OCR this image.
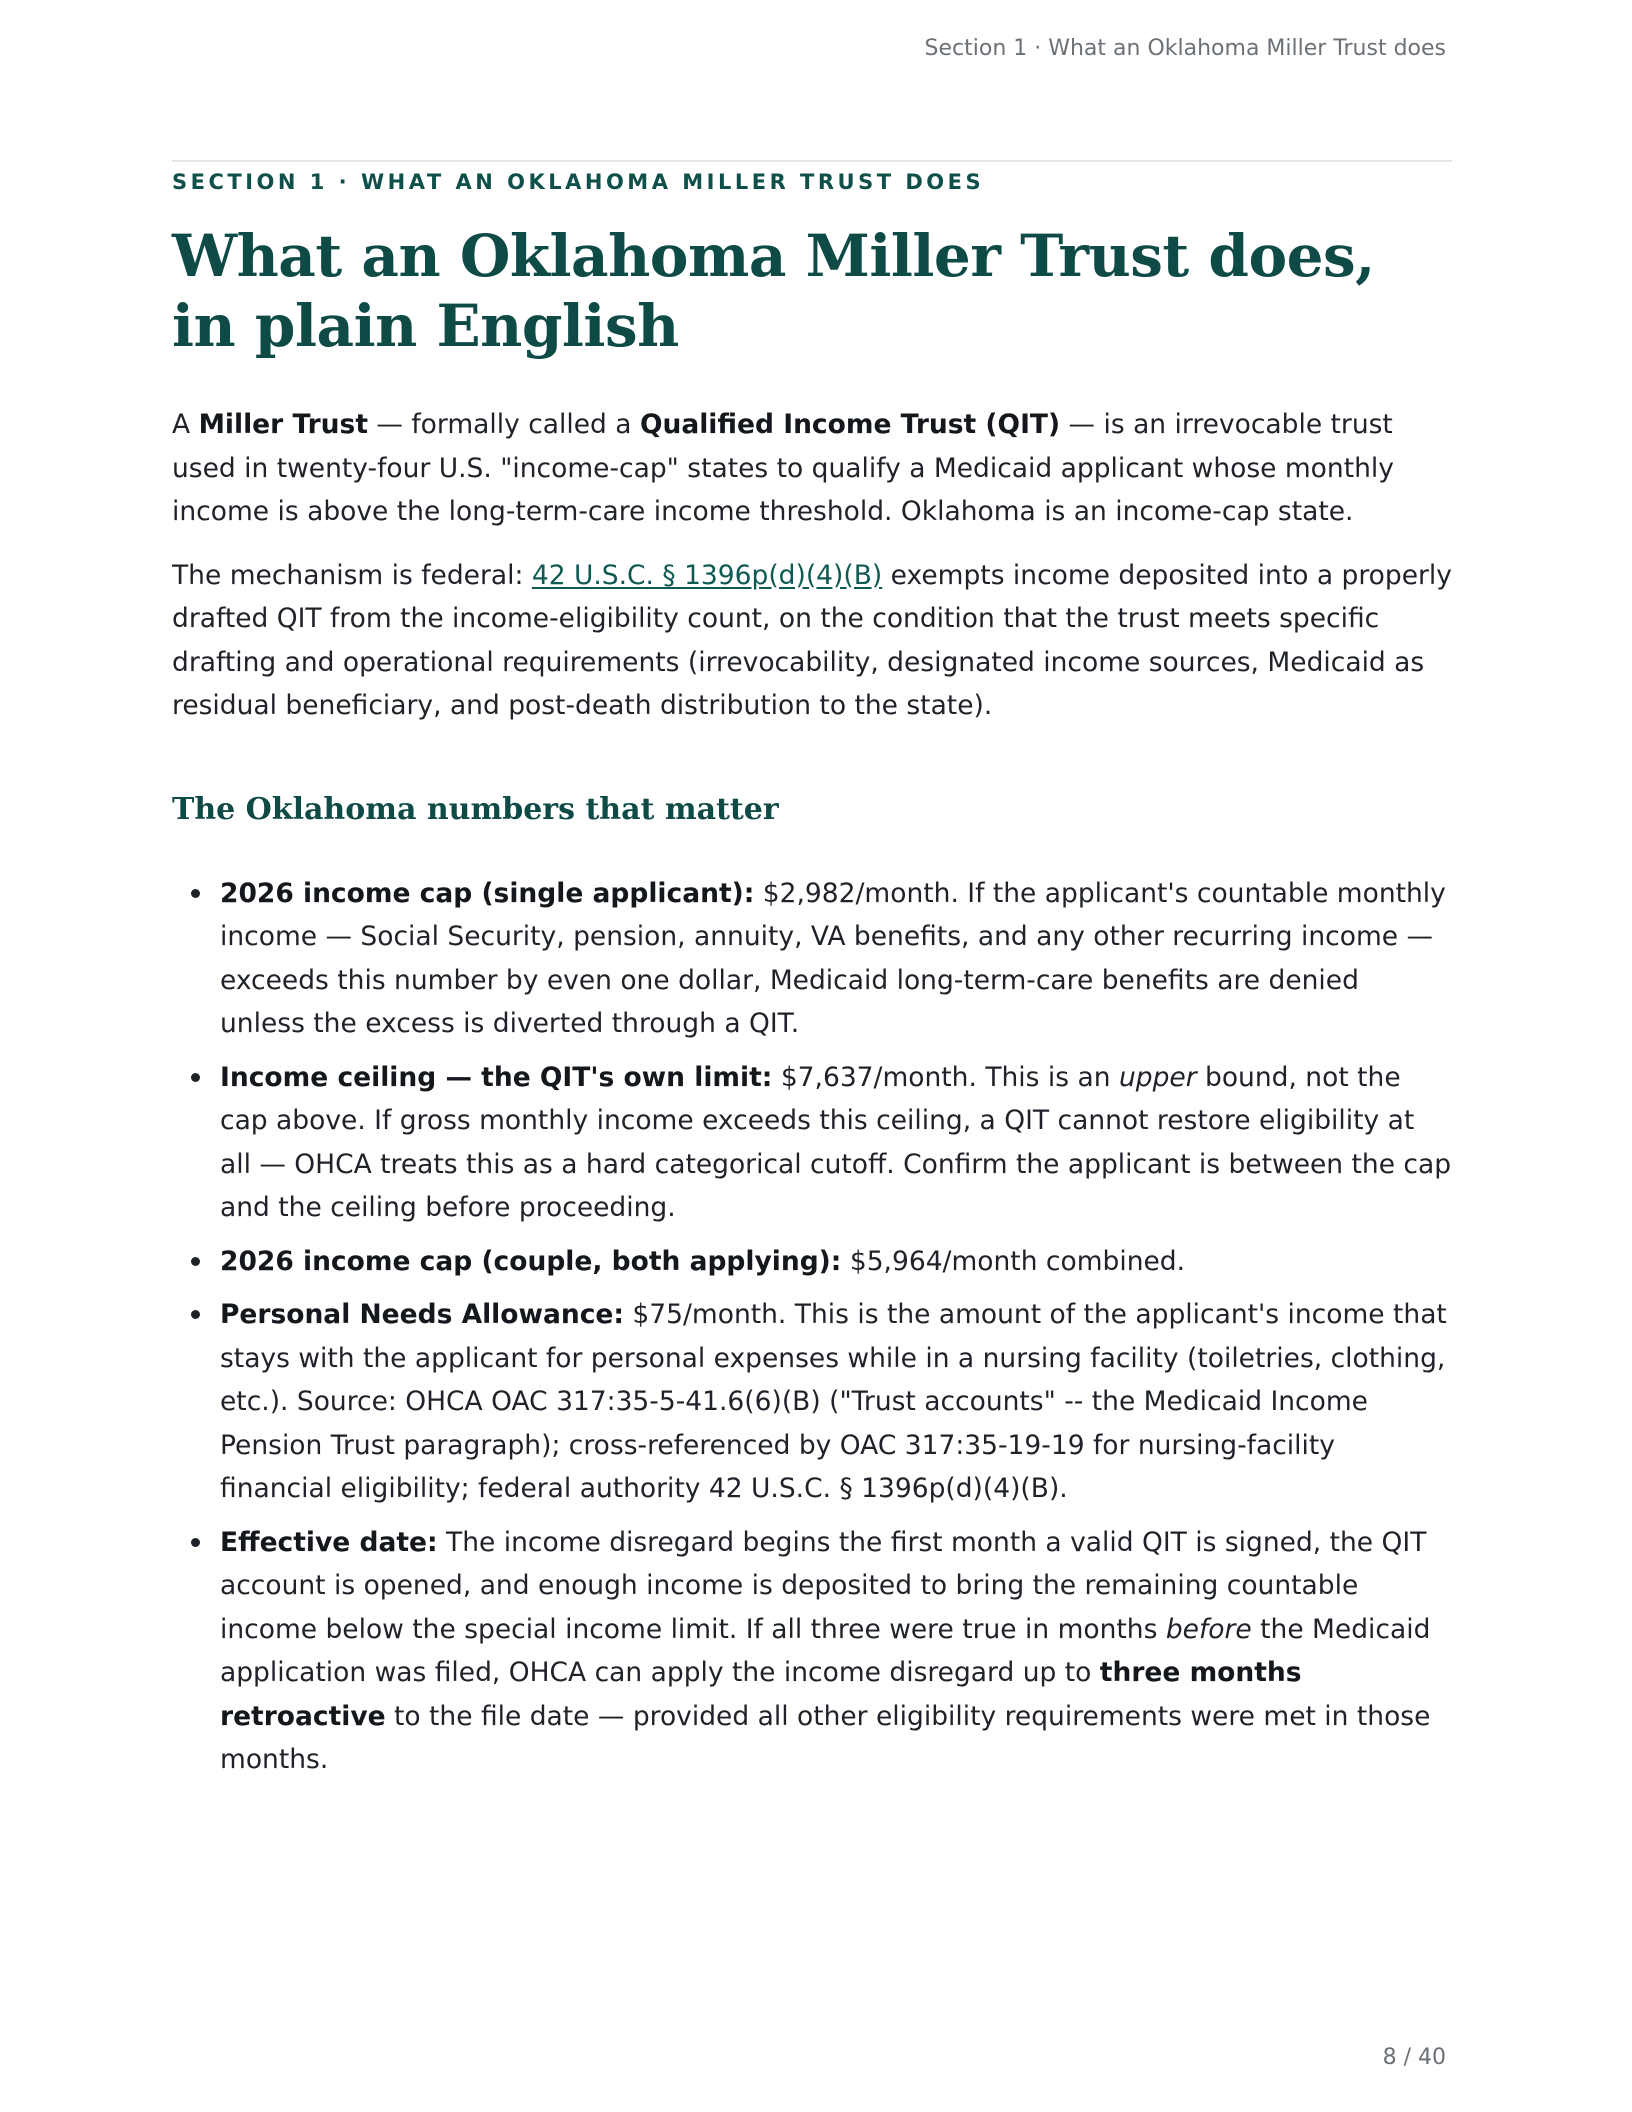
Section 1 · What an Oklahoma Miller Trust does
SECTION 1 · WHAT AN OKLAHOMA MILLER TRUST DOES
What an Oklahoma Miller Trust does, in plain English

A Miller Trust — formally called a Qualified Income Trust (QIT) — is an irrevocable trust used in twenty-four U.S. "income-cap" states to qualify a Medicaid applicant whose monthly income is above the long-term-care income threshold. Oklahoma is an income-cap state.

The mechanism is federal: 42 U.S.C. § 1396p(d)(4)(B) exempts income deposited into a properly drafted QIT from the income-eligibility count, on the condition that the trust meets specific drafting and operational requirements (irrevocability, designated income sources, Medicaid as residual beneficiary, and post-death distribution to the state).

The Oklahoma numbers that matter
2026 income cap (single applicant): $2,982/month. If the applicant's countable monthly income — Social Security, pension, annuity, VA benefits, and any other recurring income — exceeds this number by even one dollar, Medicaid long-term-care benefits are denied unless the excess is diverted through a QIT.
Income ceiling — the QIT's own limit: $7,637/month. This is an upper bound, not the cap above. If gross monthly income exceeds this ceiling, a QIT cannot restore eligibility at all — OHCA treats this as a hard categorical cutoff. Confirm the applicant is between the cap and the ceiling before proceeding.
2026 income cap (couple, both applying): $5,964/month combined.
Personal Needs Allowance: $75/month. This is the amount of the applicant's income that stays with the applicant for personal expenses while in a nursing facility (toiletries, clothing, etc.). Source: OHCA OAC 317:35-5-41.6(6)(B) ("Trust accounts" -- the Medicaid Income Pension Trust paragraph); cross-referenced by OAC 317:35-19-19 for nursing-facility financial eligibility; federal authority 42 U.S.C. § 1396p(d)(4)(B).
Effective date: The income disregard begins the first month a valid QIT is signed, the QIT account is opened, and enough income is deposited to bring the remaining countable income below the special income limit. If all three were true in months before the Medicaid application was filed, OHCA can apply the income disregard up to three months retroactive to the file date — provided all other eligibility requirements were met in those months.
8 / 40
